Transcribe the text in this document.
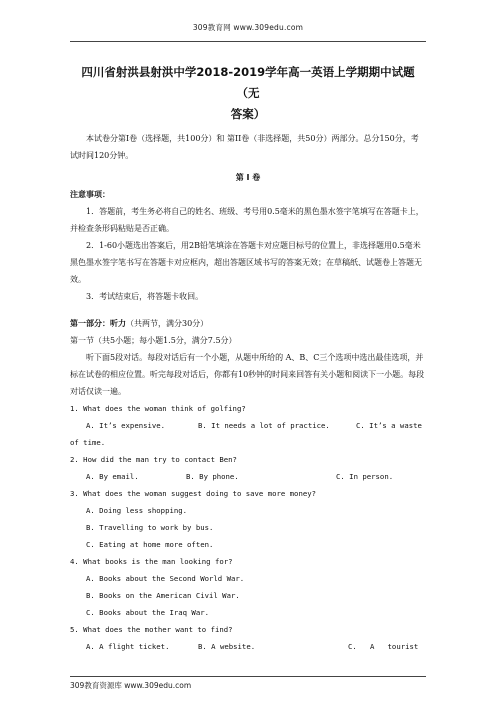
309教育网 www.309edu.com

四川省射洪县射洪中学2018-2019学年高一英语上学期期中试题（无

答案）

本试卷分第I卷（选择题，共100分）和 第II卷（非选择题，共50分）两部分。总分150分，考试时间120分钟。

第 I 卷

注意事项：

1．答题前，考生务必将自己的姓名、班级、考号用0.5毫米的黑色墨水签字笔填写在答题卡上，并检查条形码粘贴是否正确。

2．1-60小题选出答案后，用2B铅笔填涂在答题卡对应题目标号的位置上，非选择题用0.5毫米黑色墨水签字笔书写在答题卡对应框内，超出答题区域书写的答案无效；在草稿纸、试题卷上答题无效。

3．考试结束后，将答题卡收回。

第一部分：听力（共两节，满分30分）

第一节（共5小题；每小题1.5分，满分7.5分）

听下面5段对话。每段对话后有一个小题，从题中所给的 A、B、C三个选项中选出最佳选项，并标在试卷的相应位置。听完每段对话后，你都有10秒钟的时间来回答有关小题和阅读下一小题。每段对话仅读一遍。

1. What does the woman think of golfing?

A. It’s expensive.	B. It needs a lot of practice.	C. It’s a waste

of time.

2. How did the man try to contact Ben?

A. By email.	B. By phone.	C. In person.

3. What does the woman suggest doing to save more money?

A. Doing less shopping.

B. Travelling to work by bus.

C. Eating at home more often.

4. What books is the man looking for?

A. Books about the Second World War.

B. Books on the American Civil War.

C. Books about the Iraq War.

5. What does the mother want to find?

A. A flight ticket.	B. A website.	C.   A   tourist

309教育资源库 www.309edu.com
